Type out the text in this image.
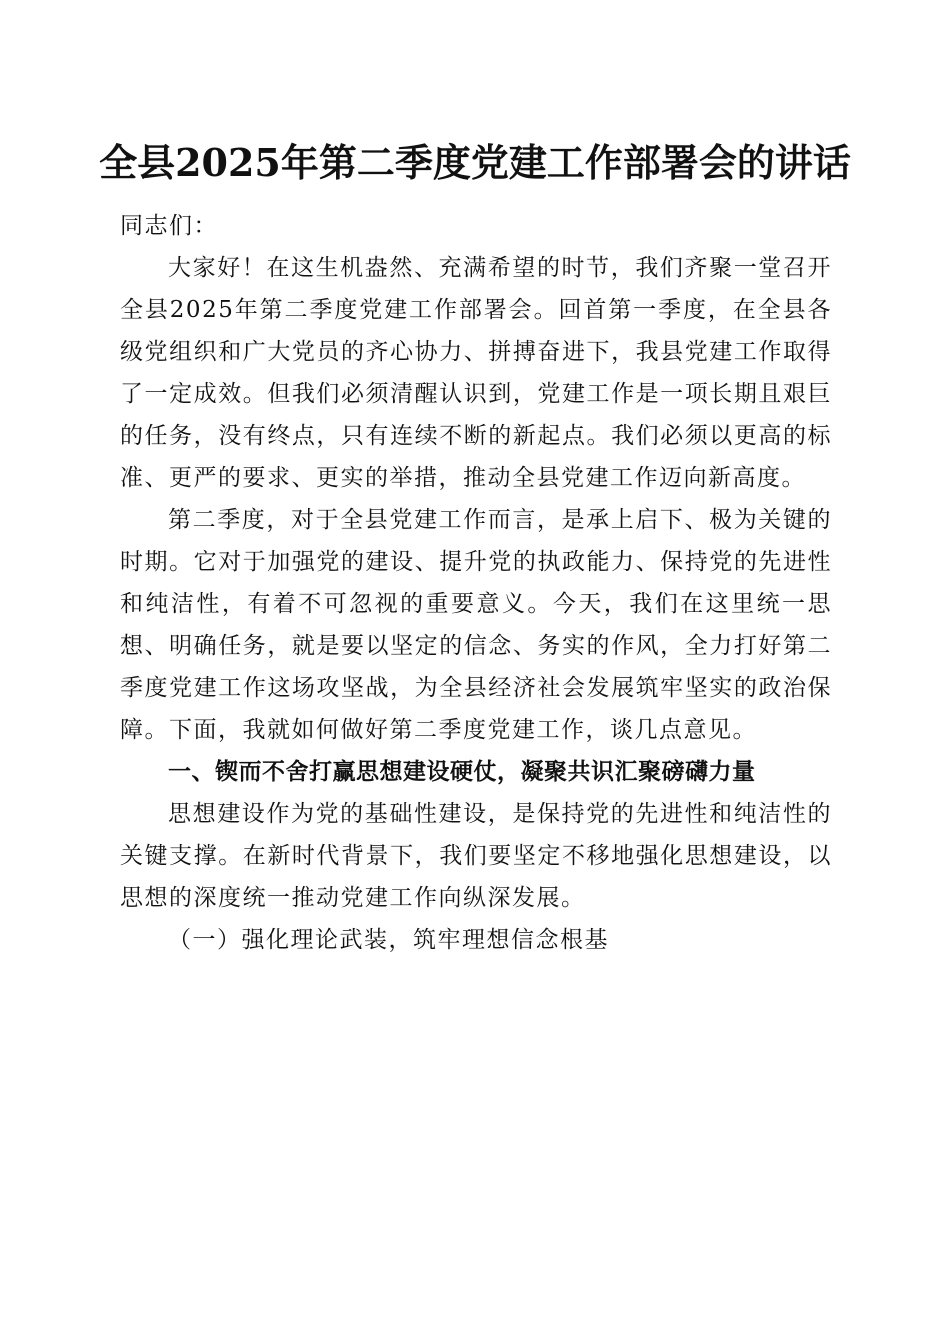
全县2025年第二季度党建工作部署会的讲话

同志们：

大家好！在这生机盎然、充满希望的时节，我们齐聚一堂召开全县2025年第二季度党建工作部署会。回首第一季度，在全县各级党组织和广大党员的齐心协力、拼搏奋进下，我县党建工作取得了一定成效。但我们必须清醒认识到，党建工作是一项长期且艰巨的任务，没有终点，只有连续不断的新起点。我们必须以更高的标准、更严的要求、更实的举措，推动全县党建工作迈向新高度。

第二季度，对于全县党建工作而言，是承上启下、极为关键的时期。它对于加强党的建设、提升党的执政能力、保持党的先进性和纯洁性，有着不可忽视的重要意义。今天，我们在这里统一思想、明确任务，就是要以坚定的信念、务实的作风，全力打好第二季度党建工作这场攻坚战，为全县经济社会发展筑牢坚实的政治保障。下面，我就如何做好第二季度党建工作，谈几点意见。

一、锲而不舍打赢思想建设硬仗，凝聚共识汇聚磅礴力量

思想建设作为党的基础性建设，是保持党的先进性和纯洁性的关键支撑。在新时代背景下，我们要坚定不移地强化思想建设，以思想的深度统一推动党建工作向纵深发展。

（一）强化理论武装，筑牢理想信念根基
